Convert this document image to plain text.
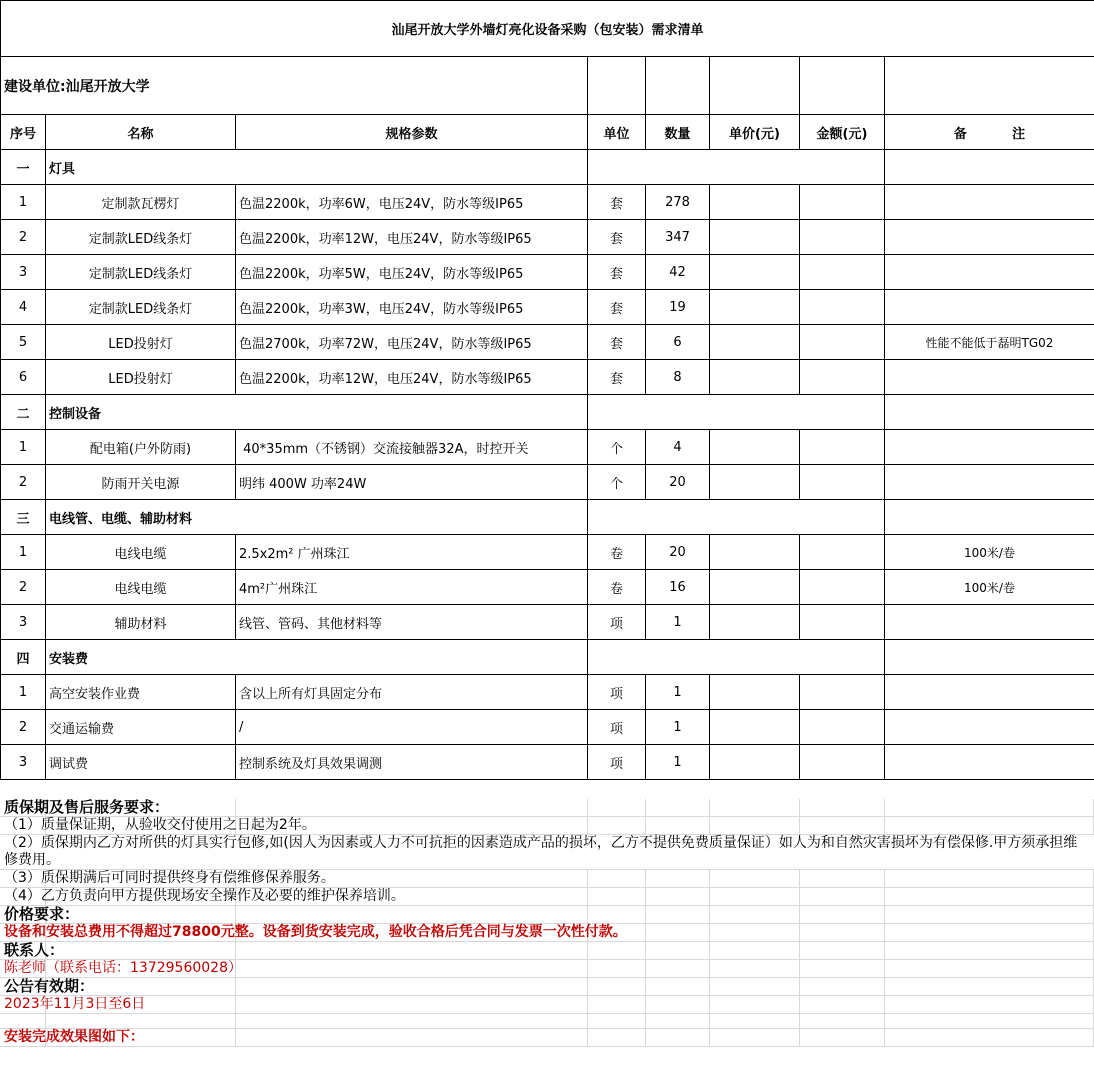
汕尾开放大学外墙灯亮化设备采购（包安装）需求清单							
建设单位:汕尾开放大学							
序号	名称	规格参数	单位	数量	单价(元)	金额(元)	备          注
一	灯具						
1	定制款瓦楞灯	色温2200k，功率6W，电压24V，防水等级IP65	套	278			
2	定制款LED线条灯	色温2200k，功率12W，电压24V，防水等级IP65	套	347			
3	定制款LED线条灯	色温2200k，功率5W，电压24V，防水等级IP65	套	42			
4	定制款LED线条灯	色温2200k，功率3W，电压24V，防水等级IP65	套	19			
5	LED投射灯	色温2700k，功率72W，电压24V，防水等级IP65	套	6			性能不能低于磊明TG02
6	LED投射灯	色温2200k，功率12W，电压24V，防水等级IP65	套	8			
二	控制设备						
1	配电箱(户外防雨)	40*35mm（不锈钢）交流接触器32A，时控开关	个	4			
2	防雨开关电源	明纬 400W 功率24W	个	20			
三	电线管、电缆、辅助材料						
1	电线电缆	2.5x2m² 广州珠江	卷	20			100米/卷
2	电线电缆	4m²广州珠江	卷	16			100米/卷
3	辅助材料	线管、管码、其他材料等	项	1			
四	安装费						
1	高空安装作业费	含以上所有灯具固定分布	项	1			
2	交通运输费	/	项	1			
3	调试费	控制系统及灯具效果调测	项	1			
质保期及售后服务要求：
（1）质量保证期，从验收交付使用之日起为2年。
（2）质保期内乙方对所供的灯具实行包修,如(因人为因素或人力不可抗拒的因素造成产品的损坏，乙方不提供免费质量保证）如人为和自然灾害损坏为有偿保修.甲方须承担维修费用。
（3）质保期满后可同时提供终身有偿维修保养服务。
（4）乙方负责向甲方提供现场安全操作及必要的维护保养培训。
价格要求：
设备和安装总费用不得超过78800元整。设备到货安装完成，验收合格后凭合同与发票一次性付款。
联系人：
陈老师（联系电话：13729560028）
公告有效期：
2023年11月3日至6日
安装完成效果图如下：
